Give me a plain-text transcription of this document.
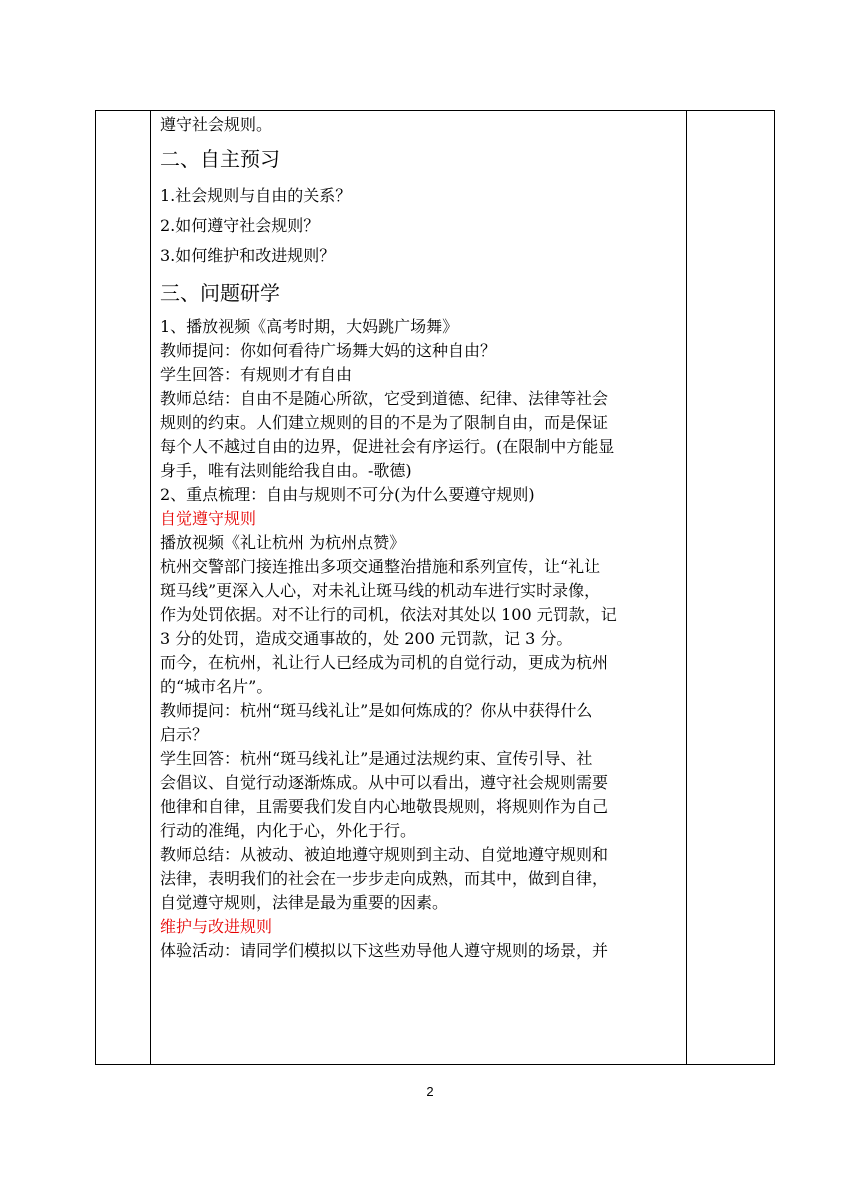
遵守社会规则。
二、自主预习
1.社会规则与自由的关系？
2.如何遵守社会规则？
3.如何维护和改进规则？
三、问题研学
1、播放视频《高考时期，大妈跳广场舞》
教师提问：你如何看待广场舞大妈的这种自由？
学生回答：有规则才有自由
教师总结：自由不是随心所欲，它受到道德、纪律、法律等社会
规则的约束。人们建立规则的目的不是为了限制自由，而是保证
每个人不越过自由的边界，促进社会有序运行。(在限制中方能显
身手，唯有法则能给我自由。-歌德)
2、重点梳理：自由与规则不可分(为什么要遵守规则)
自觉遵守规则
播放视频《礼让杭州 为杭州点赞》
杭州交警部门接连推出多项交通整治措施和系列宣传，让“礼让
斑马线”更深入人心，对未礼让斑马线的机动车进行实时录像，
作为处罚依据。对不让行的司机，依法对其处以 100 元罚款，记
3 分的处罚，造成交通事故的，处 200 元罚款，记 3 分。
而今，在杭州，礼让行人已经成为司机的自觉行动，更成为杭州
的“城市名片”。
教师提问：杭州“斑马线礼让”是如何炼成的？你从中获得什么
启示？
学生回答：杭州“斑马线礼让”是通过法规约束、宣传引导、社
会倡议、自觉行动逐渐炼成。从中可以看出，遵守社会规则需要
他律和自律，且需要我们发自内心地敬畏规则，将规则作为自己
行动的准绳，内化于心，外化于行。
教师总结：从被动、被迫地遵守规则到主动、自觉地遵守规则和
法律，表明我们的社会在一步步走向成熟，而其中，做到自律，
自觉遵守规则，法律是最为重要的因素。
维护与改进规则
体验活动：请同学们模拟以下这些劝导他人遵守规则的场景，并
2
